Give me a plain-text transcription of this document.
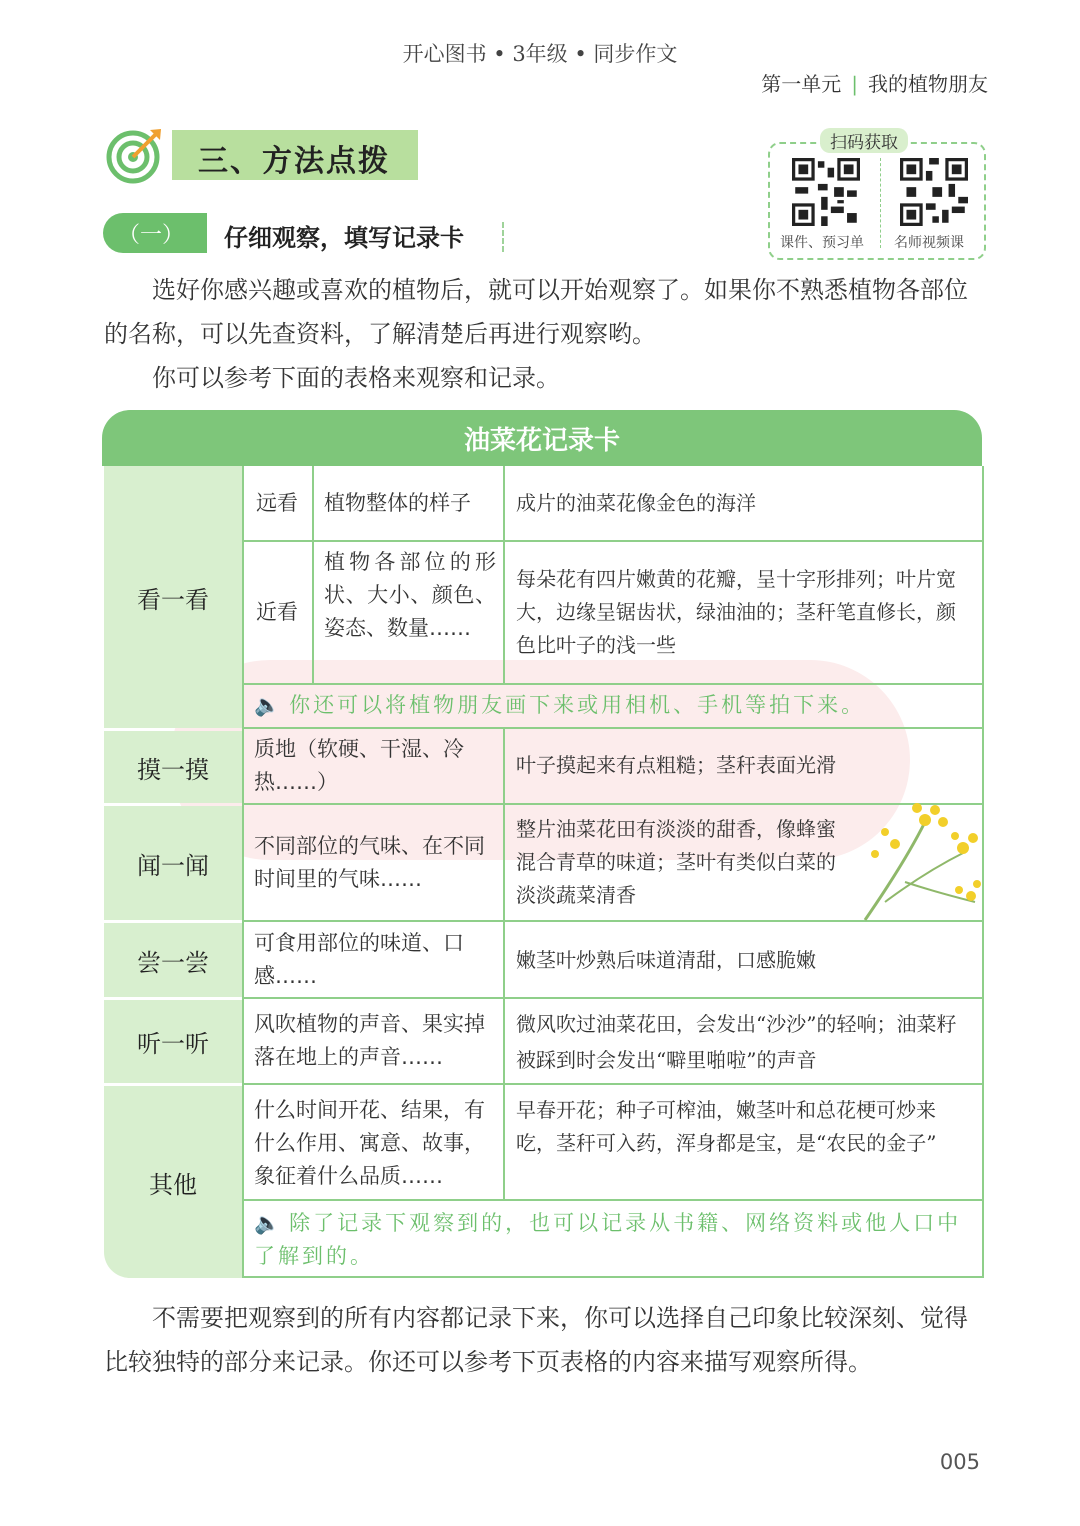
开心图书 • 3年级 • 同步作文
第一单元 | 我的植物朋友
三、方法点拨
（一） 仔细观察，填写记录卡
扫码获取
课件、预习单 名师视频课
选好你感兴趣或喜欢的植物后，就可以开始观察了。如果你不熟悉植物各部位的名称，可以先查资料，了解清楚后再进行观察哟。
你可以参考下面的表格来观察和记录。
油菜花记录卡
看一看
摸一摸
闻一闻
尝一尝
听一听
其他
远看 植物整体的样子 成片的油菜花像金色的海洋
近看
植物各部位的形状、大小、颜色、姿态、数量……
每朵花有四片嫩黄的花瓣，呈十字形排列；叶片宽大，边缘呈锯齿状，绿油油的；茎秆笔直修长，颜色比叶子的浅一些
🔈 你还可以将植物朋友画下来或用相机、手机等拍下来。
质地（软硬、干湿、冷热……）
叶子摸起来有点粗糙；茎秆表面光滑
不同部位的气味、在不同时间里的气味……
整片油菜花田有淡淡的甜香，像蜂蜜混合青草的味道；茎叶有类似白菜的淡淡蔬菜清香
可食用部位的味道、口感……
嫩茎叶炒熟后味道清甜，口感脆嫩
风吹植物的声音、果实掉落在地上的声音……
微风吹过油菜花田，会发出“沙沙”的轻响；油菜籽被踩到时会发出“噼里啪啦”的声音
什么时间开花、结果，有什么作用、寓意、故事，象征着什么品质……
早春开花；种子可榨油，嫩茎叶和总花梗可炒来吃，茎秆可入药，浑身都是宝，是“农民的金子”
🔈 除了记录下观察到的，也可以记录从书籍、网络资料或他人口中了解到的。
不需要把观察到的所有内容都记录下来，你可以选择自己印象比较深刻、觉得比较独特的部分来记录。你还可以参考下页表格的内容来描写观察所得。
005
